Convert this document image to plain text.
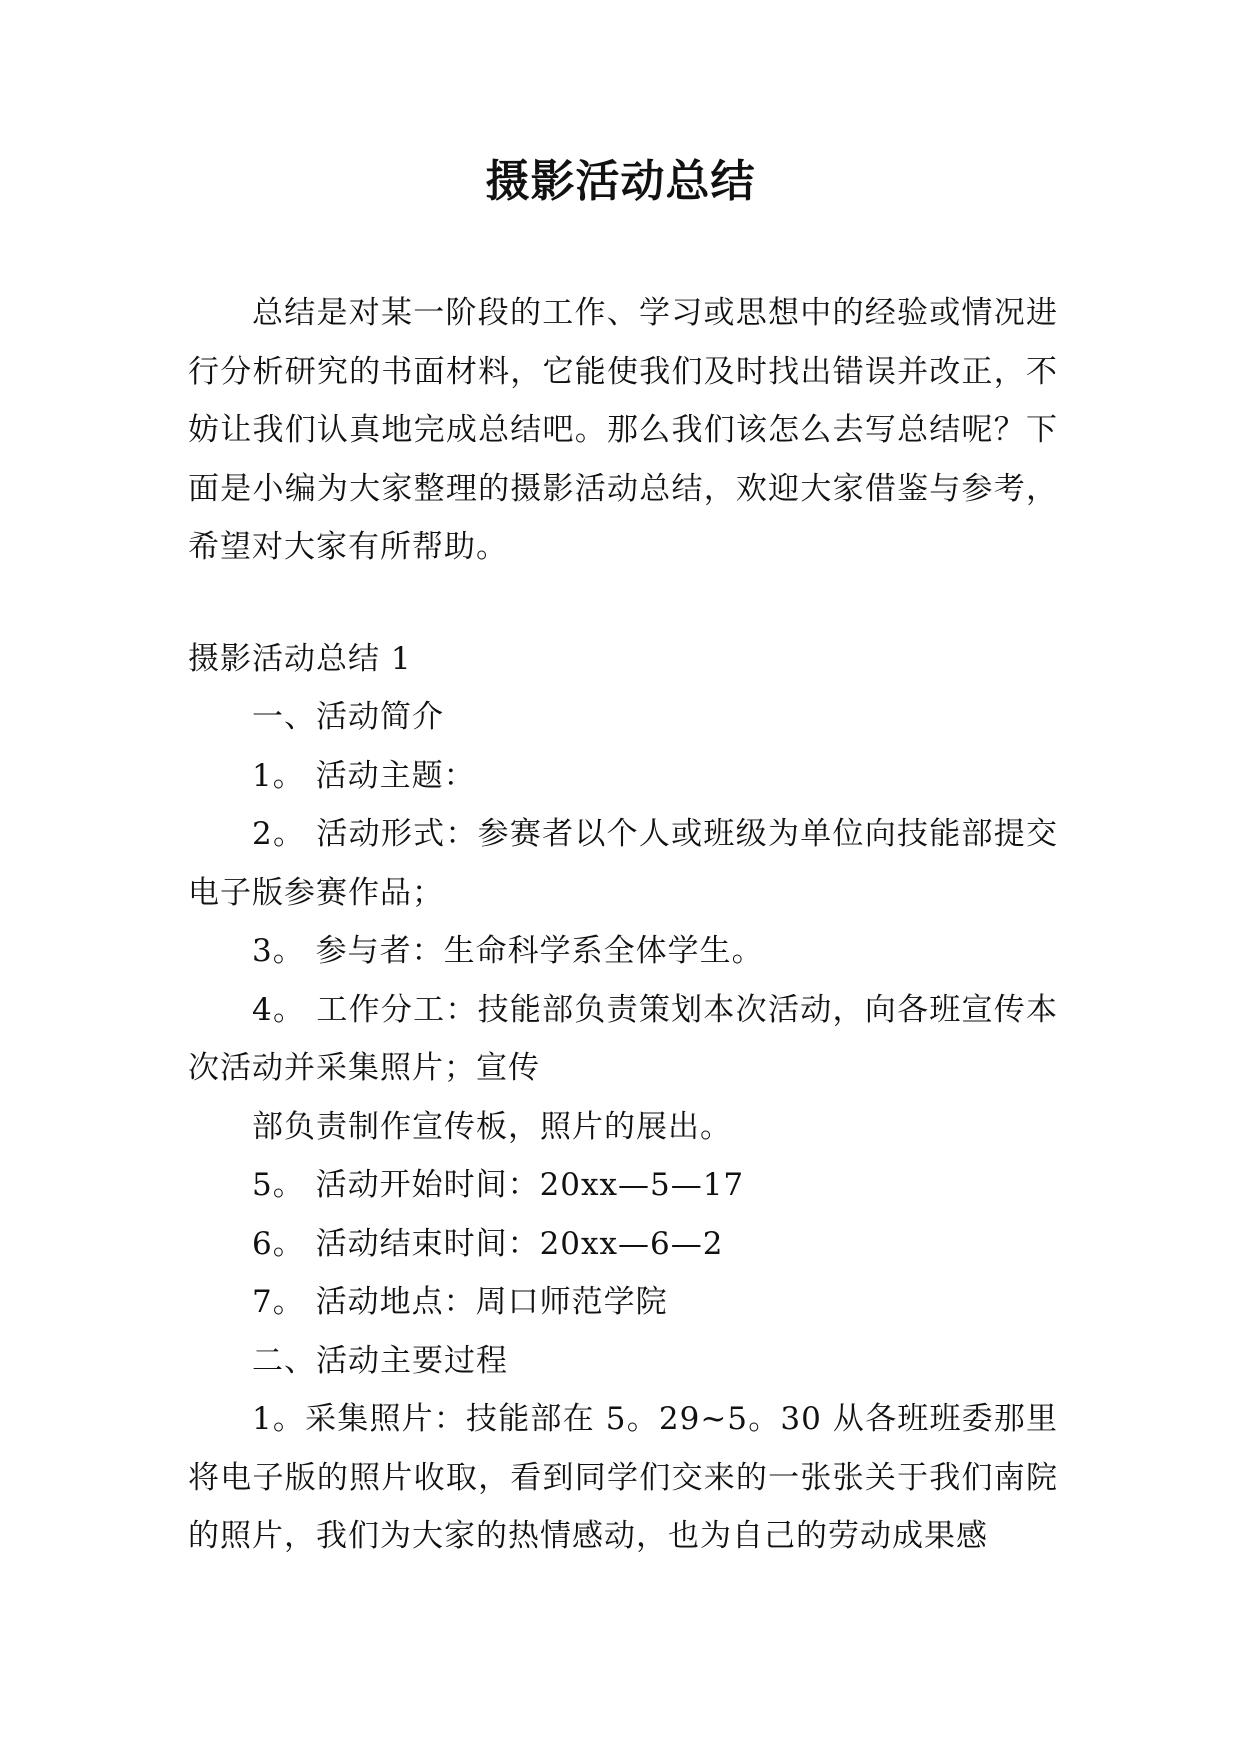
摄影活动总结

总结是对某一阶段的工作、学习或思想中的经验或情况进行分析研究的书面材料，它能使我们及时找出错误并改正，不妨让我们认真地完成总结吧。那么我们该怎么去写总结呢？下面是小编为大家整理的摄影活动总结，欢迎大家借鉴与参考，希望对大家有所帮助。

摄影活动总结 1

一、活动简介

1。 活动主题：

2。 活动形式：参赛者以个人或班级为单位向技能部提交电子版参赛作品；

3。 参与者：生命科学系全体学生。

4。 工作分工：技能部负责策划本次活动，向各班宣传本次活动并采集照片；宣传

部负责制作宣传板，照片的展出。

5。 活动开始时间：20xx—5—17

6。 活动结束时间：20xx—6—2

7。 活动地点：周口师范学院

二、活动主要过程

1。采集照片：技能部在 5。29~5。30 从各班班委那里将电子版的照片收取，看到同学们交来的一张张关于我们南院的照片，我们为大家的热情感动，也为自己的劳动成果感
